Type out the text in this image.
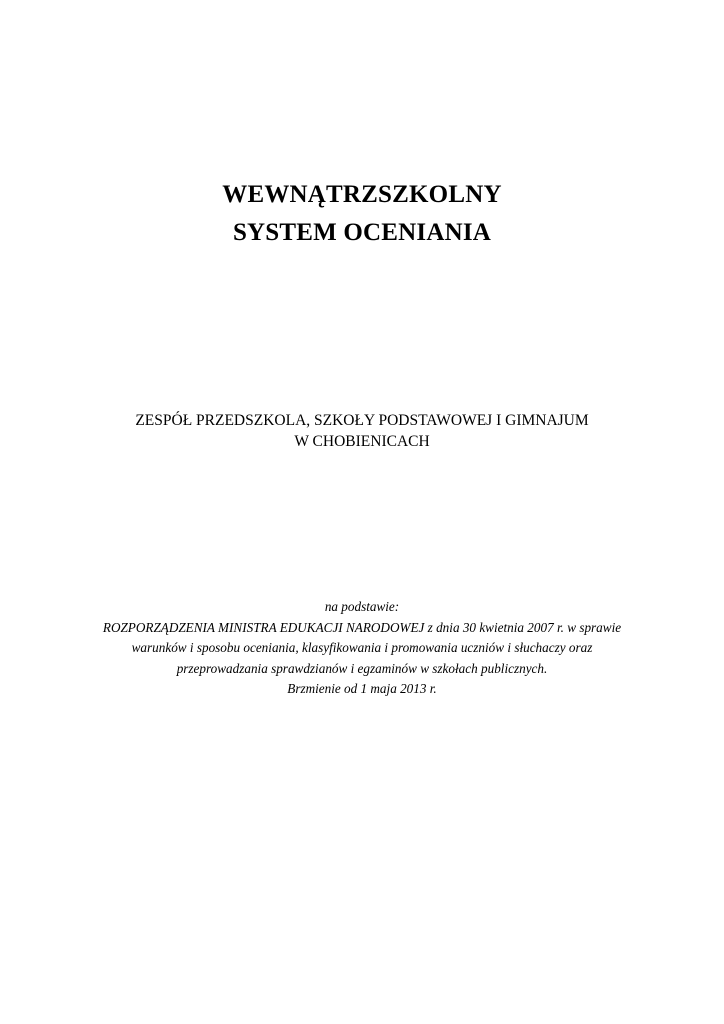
WEWNĄTRZSZKOLNY
SYSTEM OCENIANIA
ZESPÓŁ PRZEDSZKOLA, SZKOŁY PODSTAWOWEJ I GIMNAJUM
W CHOBIENICACH
na podstawie:
ROZPORZĄDZENIA MINISTRA EDUKACJI NARODOWEJ z dnia 30 kwietnia 2007 r. w sprawie
warunków i sposobu oceniania, klasyfikowania i promowania uczniów i słuchaczy oraz
przeprowadzania sprawdzianów i egzaminów w szkołach publicznych.
Brzmienie od 1 maja 2013 r.
